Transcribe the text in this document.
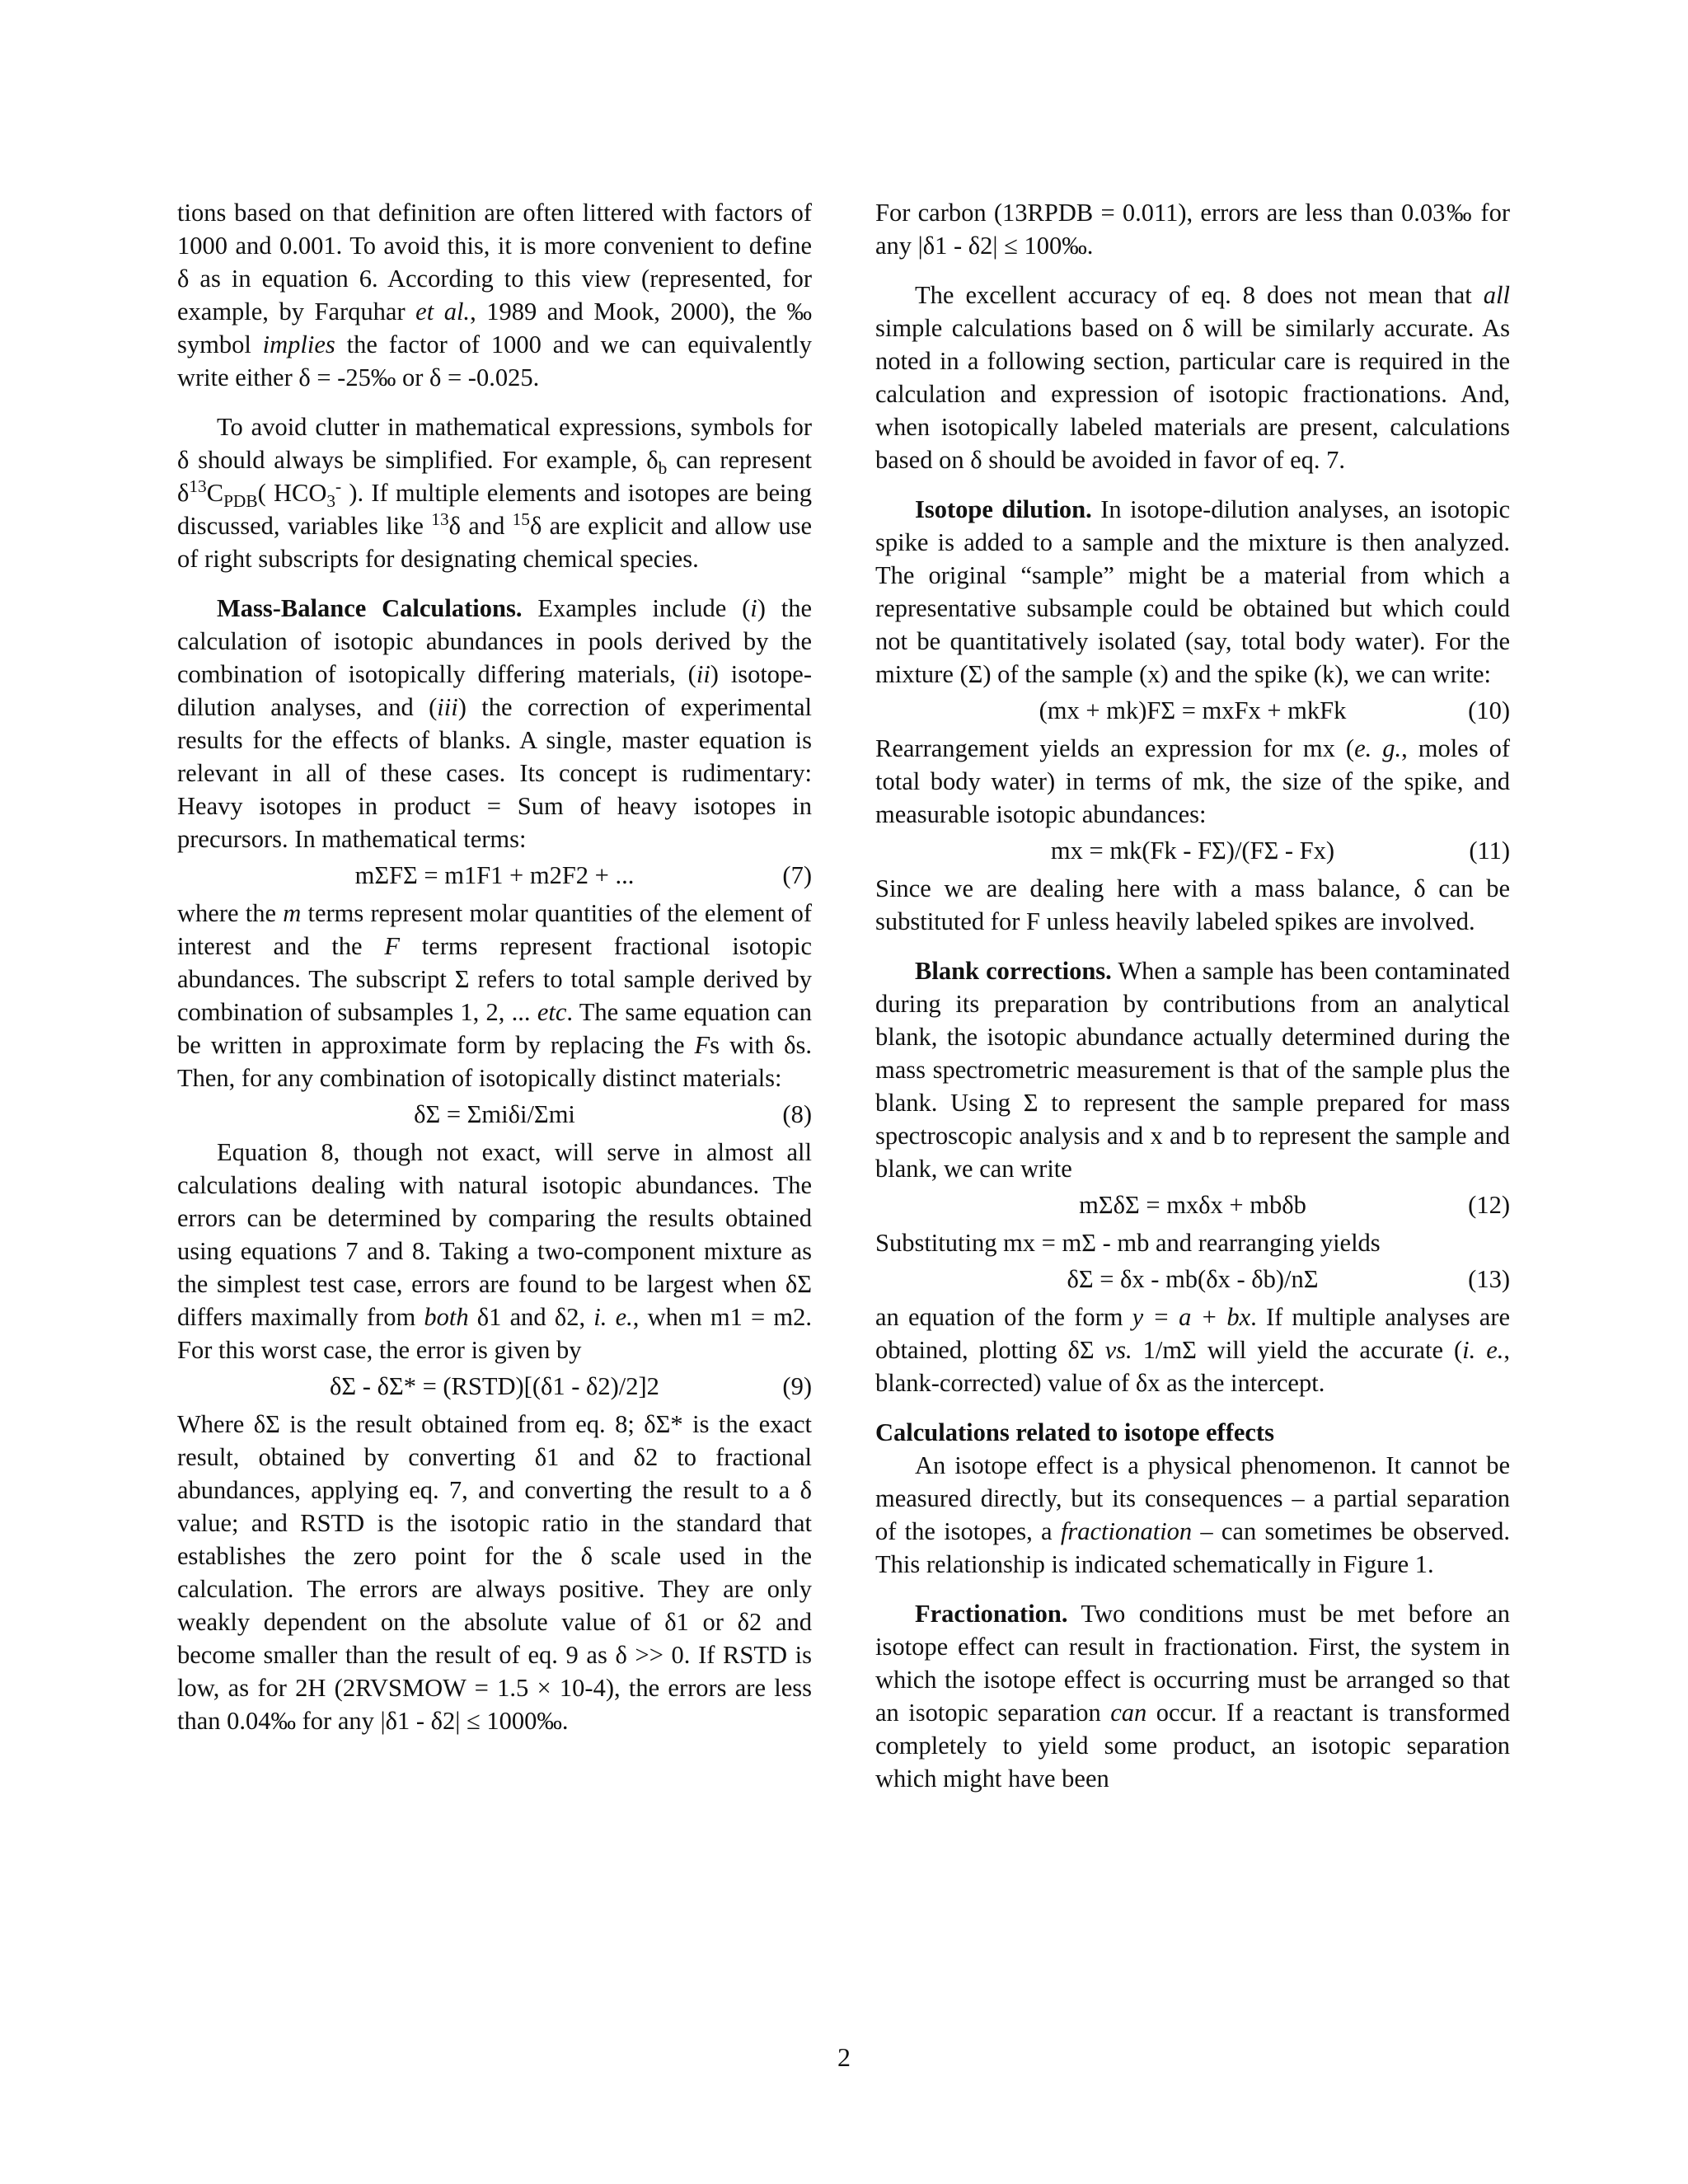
tions based on that definition are often littered with factors of 1000 and 0.001. To avoid this, it is more convenient to define δ as in equation 6. According to this view (represented, for example, by Farquhar et al., 1989 and Mook, 2000), the ‰ symbol implies the factor of 1000 and we can equivalently write either δ = -25‰ or δ = -0.025.

To avoid clutter in mathematical expressions, symbols for δ should always be simplified. For example, $\delta_b$ can represent $\delta^{13}C_{PDB}$( $HCO_3^-$ ). If multiple elements and isotopes are being discussed, variables like $^{13}$δ and $^{15}$δ are explicit and allow use of right subscripts for designating chemical species.

Mass-Balance Calculations. Examples include (i) the calculation of isotopic abundances in pools derived by the combination of isotopically differing materials, (ii) isotope-dilution analyses, and (iii) the correction of experimental results for the effects of blanks. A single, master equation is relevant in all of these cases. Its concept is rudimentary: Heavy isotopes in product = Sum of heavy isotopes in precursors. In mathematical terms:

mΣFΣ = m1F1 + m2F2 + ...	(7)

where the m terms represent molar quantities of the element of interest and the F terms represent fractional isotopic abundances. The subscript Σ refers to total sample derived by combination of subsamples 1, 2, ... etc. The same equation can be written in approximate form by replacing the Fs with δs. Then, for any combination of isotopically distinct materials:

δΣ = Σmiδi/Σmi	(8)

Equation 8, though not exact, will serve in almost all calculations dealing with natural isotopic abundances. The errors can be determined by comparing the results obtained using equations 7 and 8. Taking a two-component mixture as the simplest test case, errors are found to be largest when δΣ differs maximally from both δ1 and δ2, i. e., when m1 = m2. For this worst case, the error is given by

δΣ - δΣ* = (RSTD)[(δ1 - δ2)/2]2	(9)

Where δΣ is the result obtained from eq. 8; δΣ* is the exact result, obtained by converting δ1 and δ2 to fractional abundances, applying eq. 7, and converting the result to a δ value; and RSTD is the isotopic ratio in the standard that establishes the zero point for the δ scale used in the calculation. The errors are always positive. They are only weakly dependent on the absolute value of δ1 or δ2 and become smaller than the result of eq. 9 as δ >> 0. If RSTD is low, as for 2H (2RVSMOW = 1.5 × 10-4), the errors are less than 0.04‰ for any |δ1 - δ2| ≤ 1000‰.

For carbon (13RPDB = 0.011), errors are less than 0.03‰ for any |δ1 - δ2| ≤ 100‰.

The excellent accuracy of eq. 8 does not mean that all simple calculations based on δ will be similarly accurate. As noted in a following section, particular care is required in the calculation and expression of isotopic fractionations. And, when isotopically labeled materials are present, calculations based on δ should be avoided in favor of eq. 7.

Isotope dilution. In isotope-dilution analyses, an isotopic spike is added to a sample and the mixture is then analyzed. The original “sample” might be a material from which a representative subsample could be obtained but which could not be quantitatively isolated (say, total body water). For the mixture (Σ) of the sample (x) and the spike (k), we can write:

(mx + mk)FΣ = mxFx + mkFk	(10)

Rearrangement yields an expression for mx (e. g., moles of total body water) in terms of mk, the size of the spike, and measurable isotopic abundances:

mx = mk(Fk - FΣ)/(FΣ - Fx)	(11)

Since we are dealing here with a mass balance, δ can be substituted for F unless heavily labeled spikes are involved.

Blank corrections. When a sample has been contaminated during its preparation by contributions from an analytical blank, the isotopic abundance actually determined during the mass spectrometric measurement is that of the sample plus the blank. Using Σ to represent the sample prepared for mass spectroscopic analysis and x and b to represent the sample and blank, we can write

mΣδΣ = mxδx + mbδb	(12)

Substituting mx = mΣ - mb and rearranging yields

δΣ = δx - mb(δx - δb)/nΣ	(13)

an equation of the form y = a + bx. If multiple analyses are obtained, plotting δΣ vs. 1/mΣ will yield the accurate (i. e., blank-corrected) value of δx as the intercept.

Calculations related to isotope effects

An isotope effect is a physical phenomenon. It cannot be measured directly, but its consequences – a partial separation of the isotopes, a fractionation – can sometimes be observed. This relationship is indicated schematically in Figure 1.

Fractionation. Two conditions must be met before an isotope effect can result in fractionation. First, the system in which the isotope effect is occurring must be arranged so that an isotopic separation can occur. If a reactant is transformed completely to yield some product, an isotopic separation which might have been

2
